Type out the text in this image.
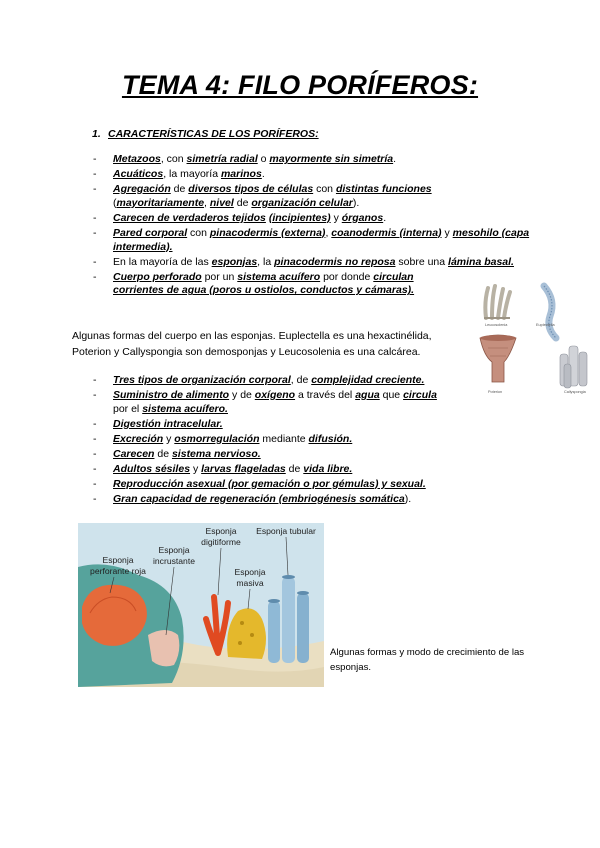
TEMA 4: FILO PORÍFEROS:
1. CARACTERÍSTICAS DE LOS PORÍFEROS:
- Metazoos, con simetría radial o mayormente sin simetría.
- Acuáticos, la mayoría marinos.
- Agregación de diversos tipos de células con distintas funciones (mayoritariamente, nivel de organización celular).
- Carecen de verdaderos tejidos (incipientes) y órganos.
- Pared corporal con pinacodermis (externa), coanodermis (interna) y mesohilo (capa intermedia).
- En la mayoría de las esponjas, la pinacodermis no reposa sobre una lámina basal.
- Cuerpo perforado por un sistema acuífero por donde circulan corrientes de agua (poros u ostiolos, conductos y cámaras).
Leucosolenia	Euplectella
Poterion	Callyspongia
Algunas formas del cuerpo en las esponjas. Euplectella es una hexactinélida, Poterion y Callyspongia son demosponjas y Leucosolenia es una calcárea.
- Tres tipos de organización corporal, de complejidad creciente.
- Suministro de alimento y de oxígeno a través del agua que circula por el sistema acuífero.
- Digestión intracelular.
- Excreción y osmorregulación mediante difusión.
- Carecen de sistema nervioso.
- Adultos sésiles y larvas flageladas de vida libre.
- Reproducción asexual (por gemación o por gémulas) y sexual.
- Gran capacidad de regeneración (embriogénesis somática).
Esponja
perforante roja
Esponja
incrustante
Esponja
digitiforme
Esponja
masiva
Esponja tubular
Algunas formas y modo de crecimiento de las esponjas.
